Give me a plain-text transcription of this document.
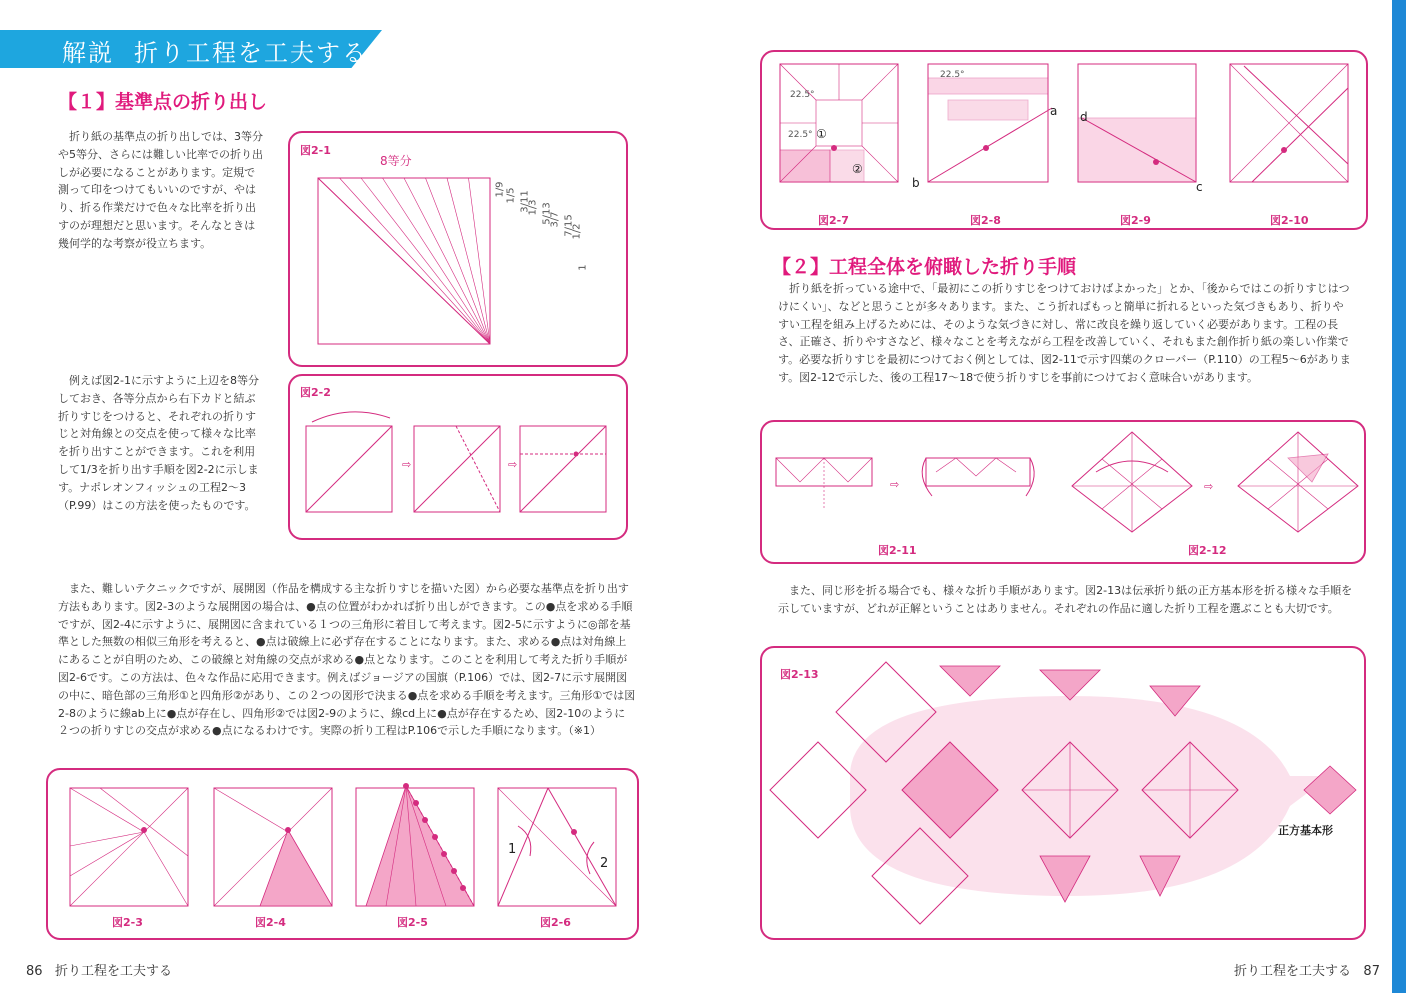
解説 折り工程を工夫する
【１】基準点の折り出し
折り紙の基準点の折り出しでは、3等分や5等分、さらには難しい比率での折り出しが必要になることがあります。定規で測って印をつけてもいいのですが、やはり、折る作業だけで色々な比率を折り出すのが理想だと思います。そんなときは幾何学的な考察が役立ちます。
図2-1
8等分
1/9 1/5 3/11
1/3 5/13
3/7 7/15
1/2
1
例えば図2-1に示すように上辺を8等分しておき、各等分点から右下カドと結ぶ折りすじをつけると、それぞれの折りすじと対角線との交点を使って様々な比率を折り出すことができます。これを利用して1/3を折り出す手順を図2-2に示します。ナポレオンフィッシュの工程2～3（P.99）はこの方法を使ったものです。
図2-2
⇨	⇨
また、難しいテクニックですが、展開図（作品を構成する主な折りすじを描いた図）から必要な基準点を折り出す方法もあります。図2-3のような展開図の場合は、●点の位置がわかれば折り出しができます。この●点を求める手順ですが、図2-4に示すように、展開図に含まれている１つの三角形に着目して考えます。図2-5に示すように◎部を基準とした無数の相似三角形を考えると、●点は破線上に必ず存在することになります。また、求める●点は対角線上にあることが自明のため、この破線と対角線の交点が求める●点となります。このことを利用して考えた折り手順が図2-6です。この方法は、色々な作品に応用できます。例えばジョージアの国旗（P.106）では、図2-7に示す展開図の中に、暗色部の三角形①と四角形②があり、この２つの図形で決まる●点を求める手順を考えます。三角形①では図2-8のように線ab上に●点が存在し、四角形②では図2-9のように、線cd上に●点が存在するため、図2-10のように２つの折りすじの交点が求める●点になるわけです。実際の折り工程はP.106で示した手順になります。（※1）
1
2
図2-3	図2-4	図2-5	図2-6
86 折り工程を工夫する
22.5°
22.5° ①
②
22.5°
a
b
d
c
図2-7	図2-8	図2-9	図2-10
【２】工程全体を俯瞰した折り手順
折り紙を折っている途中で、「最初にこの折りすじをつけておけばよかった」とか、「後からではこの折りすじはつけにくい」、などと思うことが多々あります。また、こう折ればもっと簡単に折れるといった気づきもあり、折りやすい工程を組み上げるためには、そのような気づきに対し、常に改良を繰り返していく必要があります。工程の長さ、正確さ、折りやすさなど、様々なことを考えながら工程を改善していく、それもまた創作折り紙の楽しい作業です。必要な折りすじを最初につけておく例としては、図2-11で示す四葉のクローバー（P.110）の工程5～6があります。図2-12で示した、後の工程17～18で使う折りすじを事前につけておく意味合いがあります。
⇨	⇨
図2-11	図2-12
また、同じ形を折る場合でも、様々な折り手順があります。図2-13は伝承折り紙の正方基本形を折る様々な手順を示していますが、どれが正解ということはありません。それぞれの作品に適した折り工程を選ぶことも大切です。
図2-13
正方基本形
折り工程を工夫する 87
